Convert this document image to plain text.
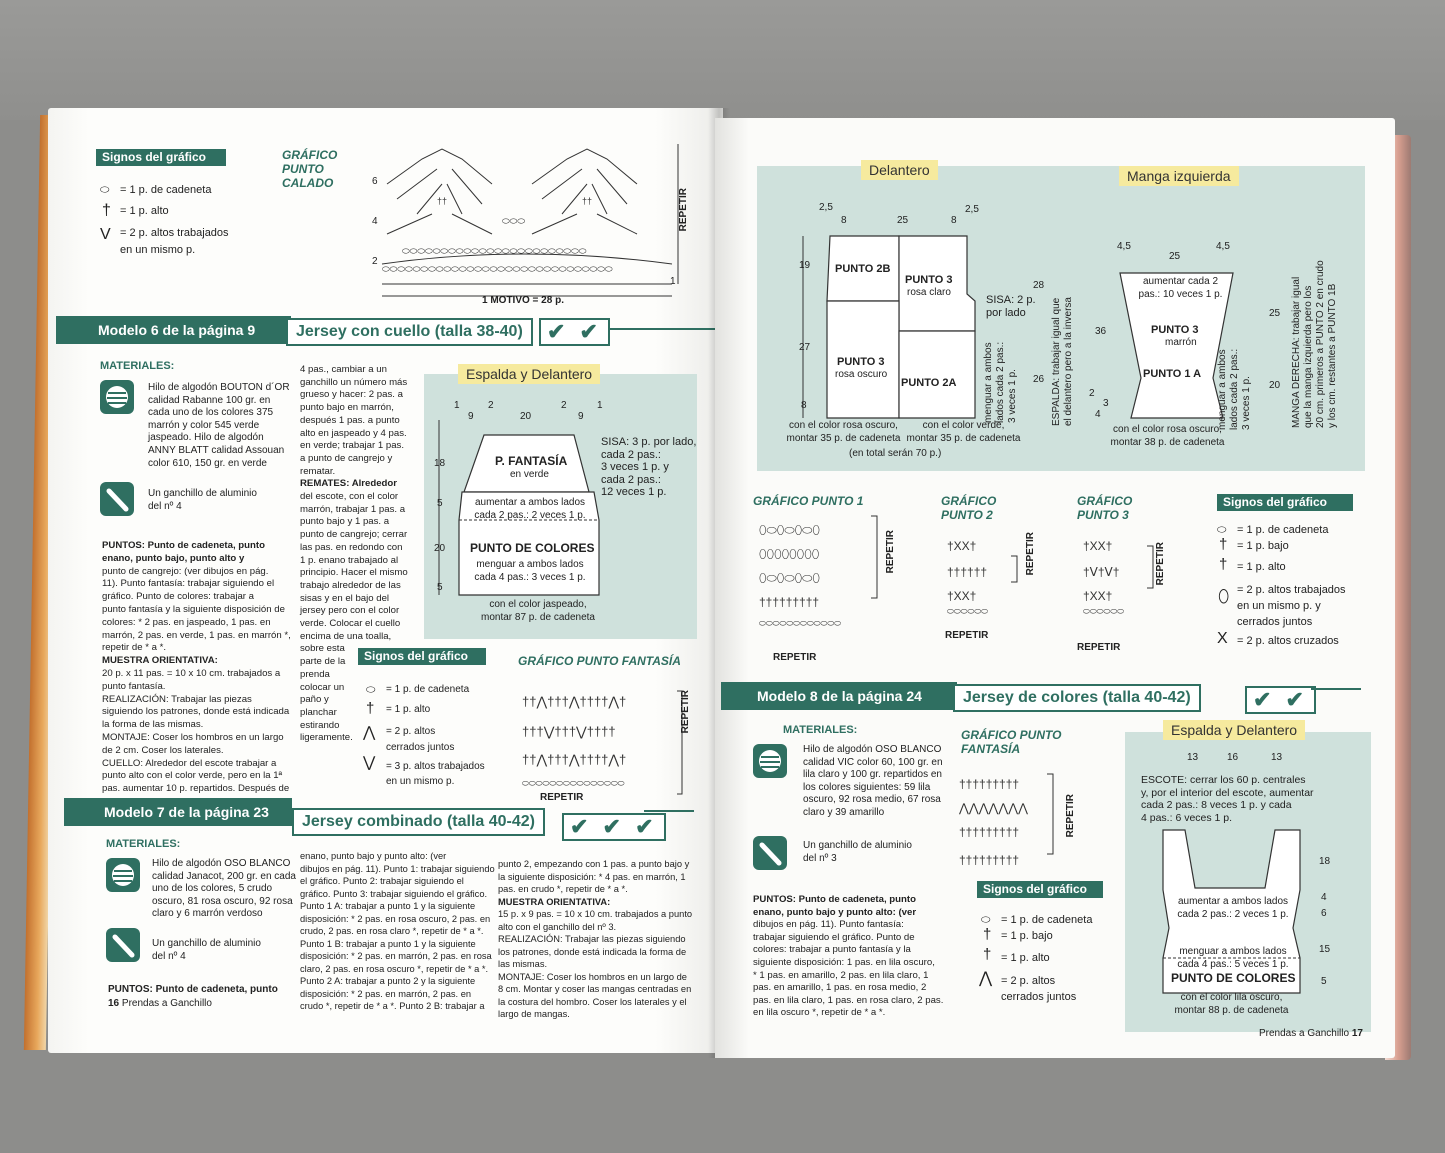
Signos del gráfico
⬭ = 1 p. de cadeneta
† = 1 p. alto
V = 2 p. altos trabajados
en un mismo p.
GRÁFICO
PUNTO
CALADO	6
4
2
1
††	††
⬭⬭⬭
⬭⬭⬭⬭⬭⬭⬭⬭⬭⬭⬭⬭⬭⬭⬭⬭⬭⬭⬭⬭⬭⬭⬭⬭
⬭⬭⬭⬭⬭⬭⬭⬭⬭⬭⬭⬭⬭⬭⬭⬭⬭⬭⬭⬭⬭⬭⬭⬭⬭⬭⬭⬭⬭⬭
1 MOTIVO = 28 p.
REPETIR
Modelo 6 de la página 9	Jersey con cuello (talla 38-40)	✔ ✔
MATERIALES:
Hilo de algodón BOUTON d´OR
calidad Rabanne 100 gr. en
cada uno de los colores 375
marrón y color 545 verde
jaspeado. Hilo de algodón
ANNY BLATT calidad Assouan
color 610, 150 gr. en verde
Un ganchillo de aluminio
del nº 4
PUNTOS: Punto de cadeneta, punto
enano, punto bajo, punto alto y
punto de cangrejo: (ver dibujos en pág.
11). Punto fantasía: trabajar siguiendo el
gráfico. Punto de colores: trabajar a
punto fantasía y la siguiente disposición de
colores: * 2 pas. en jaspeado, 1 pas. en
marrón, 2 pas. en verde, 1 pas. en marrón *,
repetir de * a *.
MUESTRA ORIENTATIVA:
20 p. x 11 pas. = 10 x 10 cm. trabajados a
punto fantasía.
REALIZACIÓN: Trabajar las piezas
siguiendo los patrones, donde está indicada
la forma de las mismas.
MONTAJE: Coser los hombros en un largo
de 2 cm. Coser los laterales.
CUELLO: Alrededor del escote trabajar a
punto alto con el color verde, pero en la 1ª
pas. aumentar 10 p. repartidos. Después de
4 pas., cambiar a un
ganchillo un número más
grueso y hacer: 2 pas. a
punto bajo en marrón,
después 1 pas. a punto
alto en jaspeado y 4 pas.
en verde; trabajar 1 pas.
a punto de cangrejo y
rematar.
REMATES: Alrededor
del escote, con el color
marrón, trabajar 1 pas. a
punto bajo y 1 pas. a
punto de cangrejo; cerrar
las pas. en redondo con
1 p. enano trabajado al
principio. Hacer el mismo
trabajo alrededor de las
sisas y en el bajo del
jersey pero con el color
verde. Colocar el cuello
encima de una toalla,
sobre esta
parte de la
prenda
colocar un
paño y
planchar
estirando
ligeramente.
Espalda y Delantero
1	2	2	1
9	20	9
18
5
20
5
P. FANTASÍA
en verde
aumentar a ambos lados
cada 2 pas.: 2 veces 1 p.
PUNTO DE COLORES
menguar a ambos lados
cada 4 pas.: 3 veces 1 p.
SISA: 3 p. por lado,
cada 2 pas.:
3 veces 1 p. y
cada 2 pas.:
12 veces 1 p.
con el color jaspeado,
montar 87 p. de cadeneta
Signos del gráfico
⬭ = 1 p. de cadeneta
† = 1 p. alto
⋀ = 2 p. altos
cerrados juntos
⋁ = 3 p. altos trabajados
en un mismo p.
GRÁFICO PUNTO FANTASÍA
††⋀†††⋀††††⋀†
†††⋁†††⋁††††
††⋀†††⋀††††⋀†
⬭⬭⬭⬭⬭⬭⬭⬭⬭⬭⬭⬭⬭⬭⬭
REPETIR
REPETIR
Modelo 7 de la página 23
Jersey combinado (talla 40-42)	✔ ✔ ✔
MATERIALES:
Hilo de algodón OSO BLANCO
calidad Janacot, 200 gr. en cada
uno de los colores, 5 crudo
oscuro, 81 rosa oscuro, 92 rosa
claro y 6 marrón verdoso
Un ganchillo de aluminio
del nº 4
PUNTOS: Punto de cadeneta, punto
enano, punto bajo y punto alto: (ver
dibujos en pág. 11). Punto 1: trabajar siguiendo
el gráfico. Punto 2: trabajar siguiendo el
gráfico. Punto 3: trabajar siguiendo el gráfico.
Punto 1 A: trabajar a punto 1 y la siguiente
disposición: * 2 pas. en rosa oscuro, 2 pas. en
crudo, 2 pas. en rosa claro *, repetir de * a *.
Punto 1 B: trabajar a punto 1 y la siguiente
disposición: * 2 pas. en marrón, 2 pas. en rosa
claro, 2 pas. en rosa oscuro *, repetir de * a *.
Punto 2 A: trabajar a punto 2 y la siguiente
disposición: * 2 pas. en marrón, 2 pas. en
crudo *, repetir de * a *. Punto 2 B: trabajar a
punto 2, empezando con 1 pas. a punto bajo y
la siguiente disposición: * 4 pas. en marrón, 1
pas. en crudo *, repetir de * a *.
MUESTRA ORIENTATIVA:
15 p. x 9 pas. = 10 x 10 cm. trabajados a punto
alto con el ganchillo del nº 3.
REALIZACIÓN: Trabajar las piezas siguiendo
los patrones, donde está indicada la forma de
las mismas.
MONTAJE: Coser los hombros en un largo de
8 cm. Montar y coser las mangas centradas en
la costura del hombro. Coser los laterales y el
largo de mangas.
16 Prendas a Ganchillo
Delantero	Manga izquierda
2,5
8	25	8
2,5
19
27
8
PUNTO 2B
PUNTO 3
rosa claro
PUNTO 3
rosa oscuro
PUNTO 2A
SISA: 2 p.
por lado
menguar a ambos lados cada 2 pas.: 3 veces 1 p.
28
26 ESPALDA: trabajar igual que el delantero pero a la inversa
con el color rosa oscuro,
montar 35 p. de cadeneta
con el color verde,
montar 35 p. de cadeneta
(en total serán 70 p.)
4,5
25
4,5
aumentar cada 2
pas.: 10 veces 1 p.
PUNTO 3
marrón
PUNTO 1 A
36
2
3
4	menguar a ambos lados cada 2 pas.: 3 veces 1 p.
25
20 MANGA DERECHA: trabajar igual que la manga izquierda pero los 20 cm. primeros a PUNTO 2 en crudo y los cm. restantes a PUNTO 1B
con el color rosa oscuro,
montar 38 p. de cadeneta
GRÁFICO PUNTO 1
⬯⬭⬯⬭⬯⬭⬯
⬯⬯⬯⬯⬯⬯⬯⬯
⬯⬭⬯⬭⬯⬭⬯
†††††††††
⬭⬭⬭⬭⬭⬭⬭⬭⬭⬭⬭⬭
REPETIR
REPETIR
GRÁFICO
PUNTO 2
†XX†
††††††
†XX†
⬭⬭⬭⬭⬭⬭
REPETIR
REPETIR
GRÁFICO
PUNTO 3
†XX†
†Ⅴ†Ⅴ†
†XX†
⬭⬭⬭⬭⬭⬭
REPETIR
REPETIR
Signos del gráfico
⬭ = 1 p. de cadeneta
† = 1 p. bajo
† = 1 p. alto
⬯ = 2 p. altos trabajados
en un mismo p. y
cerrados juntos
X = 2 p. altos cruzados
Modelo 8 de la página 24	Jersey de colores (talla 40-42)	✔ ✔
MATERIALES:
Hilo de algodón OSO BLANCO
calidad VIC color 60, 100 gr. en
lila claro y 100 gr. repartidos en
los colores siguientes: 59 lila
oscuro, 92 rosa medio, 67 rosa
claro y 39 amarillo
Un ganchillo de aluminio
del nº 3
GRÁFICO PUNTO
FANTASÍA
†††††††††
⋀⋀⋀⋀⋀⋀⋀
†††††††††
†††††††††
REPETIR
Signos del gráfico
⬭ = 1 p. de cadeneta
† = 1 p. bajo
† = 1 p. alto
⋀ = 2 p. altos
cerrados juntos
PUNTOS: Punto de cadeneta, punto
enano, punto bajo y punto alto: (ver
dibujos en pág. 11). Punto fantasía:
trabajar siguiendo el gráfico. Punto de
colores: trabajar a punto fantasía y la
siguiente disposición: 1 pas. en lila oscuro,
* 1 pas. en amarillo, 2 pas. en lila claro, 1
pas. en amarillo, 1 pas. en rosa medio, 2
pas. en lila claro, 1 pas. en rosa claro, 2 pas.
en lila oscuro *, repetir de * a *.
Espalda y Delantero
13	16	13
ESCOTE: cerrar los 60 p. centrales
y, por el interior del escote, aumentar
cada 2 pas.: 8 veces 1 p. y cada
4 pas.: 6 veces 1 p.
aumentar a ambos lados
cada 2 pas.: 2 veces 1 p.
menguar a ambos lados
cada 4 pas.: 5 veces 1 p.
PUNTO DE COLORES
18
4
6
15
5
con el color lila oscuro,
montar 88 p. de cadeneta
Prendas a Ganchillo 17
